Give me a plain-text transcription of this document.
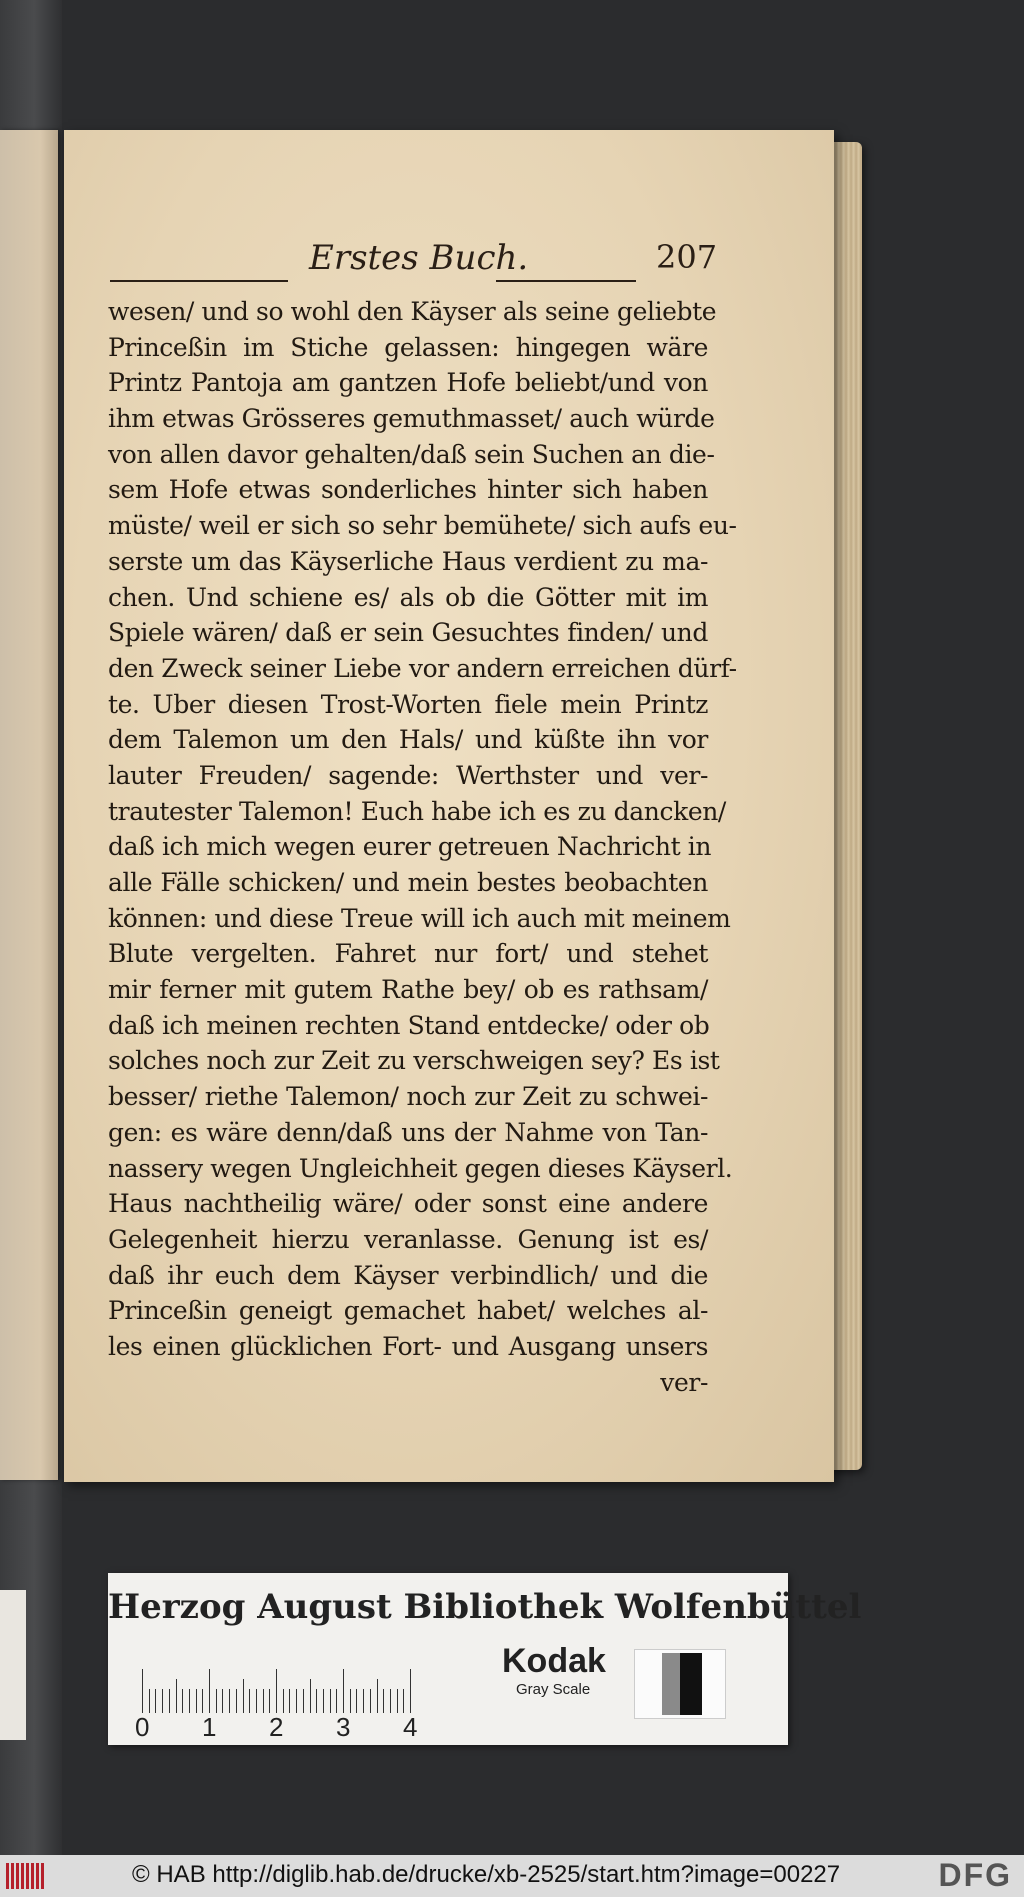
Erstes Buch.	207
wesen/ und so wohl den Käyser als seine geliebte
Princeßin im Stiche gelassen: hingegen wäre
Printz Pantoja am gantzen Hofe beliebt/und von
ihm etwas Grösseres gemuthmasset/ auch würde
von allen davor gehalten/daß sein Suchen an die-
sem Hofe etwas sonderliches hinter sich haben
müste/ weil er sich so sehr bemühete/ sich aufs eu-
serste um das Käyserliche Haus verdient zu ma-
chen. Und schiene es/ als ob die Götter mit im
Spiele wären/ daß er sein Gesuchtes finden/ und
den Zweck seiner Liebe vor andern erreichen dürf-
te. Uber diesen Trost-Worten fiele mein Printz
dem Talemon um den Hals/ und küßte ihn vor
lauter Freuden/ sagende: Werthster und ver-
trautester Talemon! Euch habe ich es zu dancken/
daß ich mich wegen eurer getreuen Nachricht in
alle Fälle schicken/ und mein bestes beobachten
können: und diese Treue will ich auch mit meinem
Blute vergelten. Fahret nur fort/ und stehet
mir ferner mit gutem Rathe bey/ ob es rathsam/
daß ich meinen rechten Stand entdecke/ oder ob
solches noch zur Zeit zu verschweigen sey? Es ist
besser/ riethe Talemon/ noch zur Zeit zu schwei-
gen: es wäre denn/daß uns der Nahme von Tan-
nassery wegen Ungleichheit gegen dieses Käyserl.
Haus nachtheilig wäre/ oder sonst eine andere
Gelegenheit hierzu veranlasse. Genung ist es/
daß ihr euch dem Käyser verbindlich/ und die
Princeßin geneigt gemachet habet/ welches al-
les einen glücklichen Fort- und Ausgang unsers
ver-
Herzog August Bibliothek Wolfenbüttel
0 1 2 3 4
Kodak
Gray Scale
© HAB http://diglib.hab.de/drucke/xb-2525/start.htm?image=00227	DFG
